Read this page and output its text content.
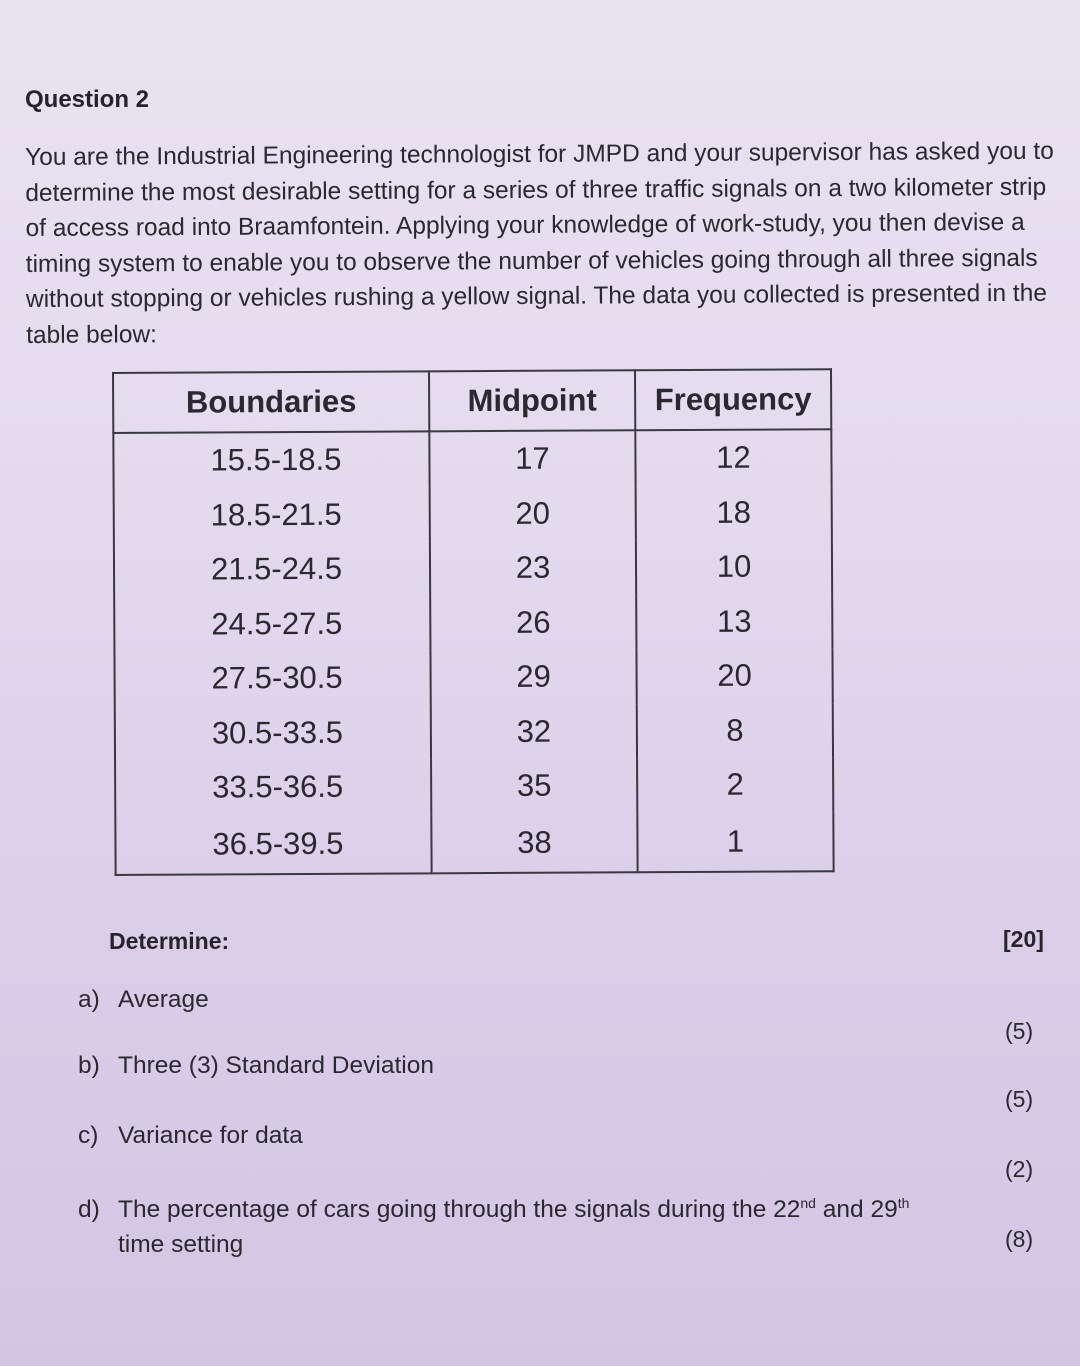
Question 2
You are the Industrial Engineering technologist for JMPD and your supervisor has asked you to determine the most desirable setting for a series of three traffic signals on a two kilometer strip of access road into Braamfontein. Applying your knowledge of work-study, you then devise a timing system to enable you to observe the number of vehicles going through all three signals without stopping or vehicles rushing a yellow signal. The data you collected is presented in the table below:
Boundaries	Midpoint	Frequency
15.5-18.5	17	12
18.5-21.5	20	18
21.5-24.5	23	10
24.5-27.5	26	13
27.5-30.5	29	20
30.5-33.5	32	8
33.5-36.5	35	2
36.5-39.5	38	1
Determine:	[20]
a) Average
(5)
b) Three (3) Standard Deviation
(5)
c) Variance for data
(2)
d) The percentage of cars going through the signals during the 22nd and 29th
time setting	(8)
